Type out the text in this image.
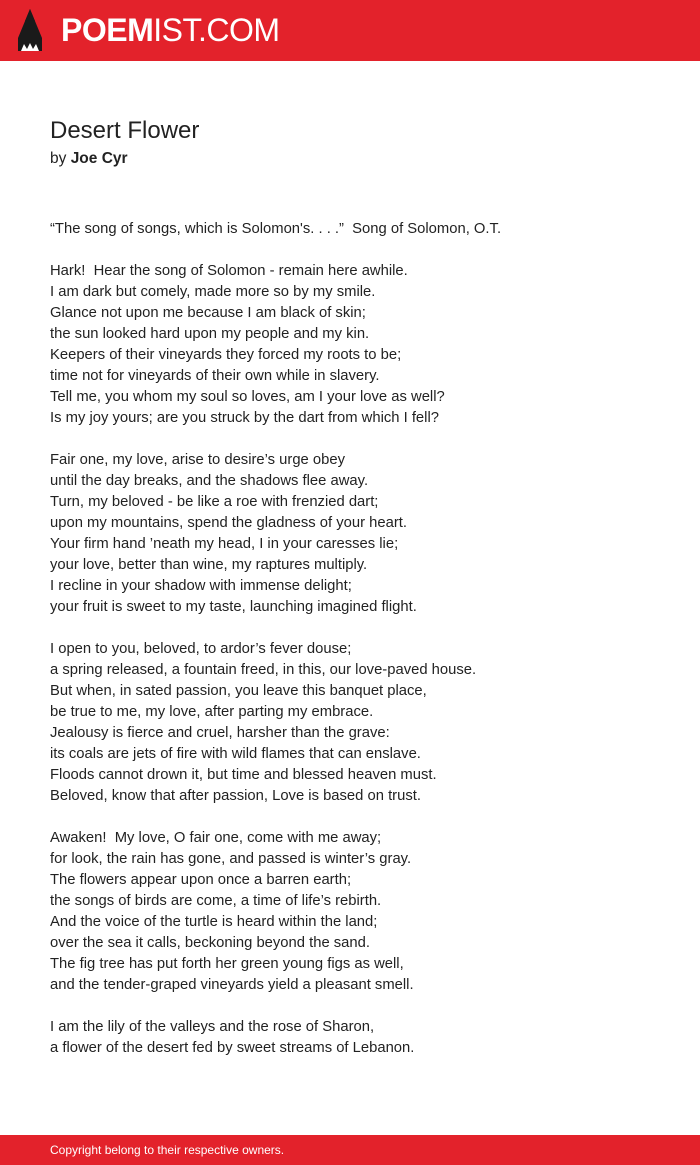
POEMIST.COM
Desert Flower
by Joe Cyr
“The song of songs, which is Solomon's. . . .”  Song of Solomon, O.T.
Hark!  Hear the song of Solomon - remain here awhile.
I am dark but comely, made more so by my smile.
Glance not upon me because I am black of skin;
the sun looked hard upon my people and my kin.
Keepers of their vineyards they forced my roots to be;
time not for vineyards of their own while in slavery.
Tell me, you whom my soul so loves, am I your love as well?
Is my joy yours; are you struck by the dart from which I fell?
Fair one, my love, arise to desire’s urge obey
until the day breaks, and the shadows flee away.
Turn, my beloved - be like a roe with frenzied dart;
upon my mountains, spend the gladness of your heart.
Your firm hand ’neath my head, I in your caresses lie;
your love, better than wine, my raptures multiply.
I recline in your shadow with immense delight;
your fruit is sweet to my taste, launching imagined flight.
I open to you, beloved, to ardor’s fever douse;
a spring released, a fountain freed, in this, our love-paved house.
But when, in sated passion, you leave this banquet place,
be true to me, my love, after parting my embrace.
Jealousy is fierce and cruel, harsher than the grave:
its coals are jets of fire with wild flames that can enslave.
Floods cannot drown it, but time and blessed heaven must.
Beloved, know that after passion, Love is based on trust.
Awaken!  My love, O fair one, come with me away;
for look, the rain has gone, and passed is winter’s gray.
The flowers appear upon once a barren earth;
the songs of birds are come, a time of life’s rebirth.
And the voice of the turtle is heard within the land;
over the sea it calls, beckoning beyond the sand.
The fig tree has put forth her green young figs as well,
and the tender-graped vineyards yield a pleasant smell.
I am the lily of the valleys and the rose of Sharon,
a flower of the desert fed by sweet streams of Lebanon.
Copyright belong to their respective owners.
